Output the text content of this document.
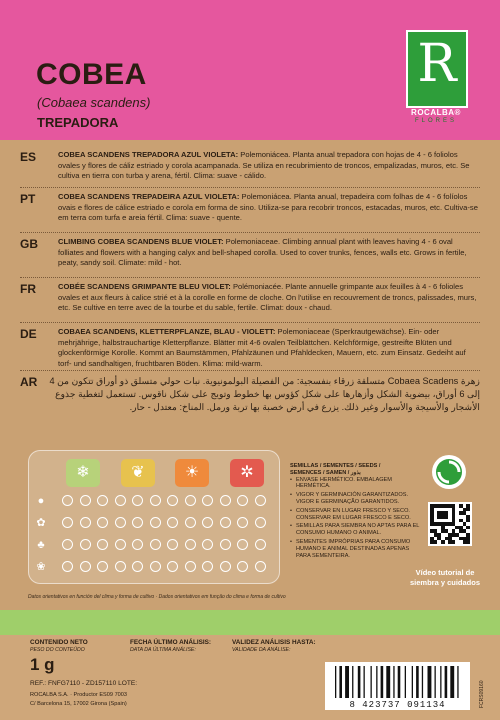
COBEA
(Cobaea scandens)
TREPADORA
R
ROCALBA®
FLORES
ES	COBEA SCANDENS TREPADORA AZUL VIOLETA: Polemoniácea. Planta anual trepadora con hojas de 4 - 6 foliolos ovales y flores de cáliz estriado y corola acampanada. Se utiliza en recubrimiento de troncos, empalizadas, muros, etc. Se cultiva en tierra con turba y arena, fértil. Clima: suave - cálido.
PT	COBEA SCANDENS TREPADEIRA AZUL VIOLETA: Polemoniácea. Planta anual, trepadeira com folhas de 4 - 6 folíolos ovais e flores de cálice estriado e corola em forma de sino. Utiliza-se para recobrir troncos, estacadas, muros, etc. Cultiva-se em terra com turfa e areia fértil. Clima: suave - quente.
GB	CLIMBING COBEA SCANDENS BLUE VIOLET: Polemoniaceae. Climbing annual plant with leaves having 4 - 6 oval folliates and flowers with a hanging calyx and bell-shaped corolla. Used to cover trunks, fences, walls etc. Grows in fertile, peaty, sandy soil. Climate: mild - hot.
FR	COBÉE SCANDENS GRIMPANTE BLEU VIOLET: Polémoniacée. Plante annuelle grimpante aux feuilles à 4 - 6 folioles ovales et aux fleurs à calice strié et à la corolle en forme de cloche. On l'utilise en recouvrement de troncs, palissades, murs, etc. Se cultive en terre avec de la tourbe et du sable, fertile. Climat: doux - chaud.
DE	COBAEA SCANDENS, KLETTERPFLANZE, BLAU - VIOLETT: Polemoniaceae (Sperkrautgewächse). Ein- oder mehrjährige, halbstrauchartige Kletterpflanze. Blätter mit 4-6 ovalen Teilblättchen. Kelchförmige, gestreifte Blüten und glockenförmige Korolle. Kommt an Baumstämmen, Pfahlzäunen und Pfahldecken, Mauern, etc. zum Einsatz. Gedeiht auf torf- und sandhaltigen, fruchtbaren Böden. Klima: mild-warm.
AR	زهرة Cobaea Scadens متسلقة زرقاء بنفسجية: من الفصيلة البولمونيوية. نبات حولي متسلق ذو أوراق تتكون من 4 إلى 6 أوراق، بيضوية الشكل وأزهارها على شكل كؤوس بها خطوط وتويج على شكل ناقوس. تستعمل لتغطية جذوع الأشجار والأسيجة والأسوار وغير ذلك. يزرع في أرض خصبة بها تربة ورمل. المناخ: معتدل - حار.
❄	❦	☀	✲
●
✿
♣
❀
SEMILLAS / SEMENTES / SEEDS /
SEMENCES / SAMEN / بذور
• ENVASE HERMÉTICO. EMBALAGEM HERMÉTICA.
• VIGOR Y GERMINACIÓN GARANTIZADOS. VIGOR E GERMINAÇÃO GARANTIDOS.
• CONSERVAR EN LUGAR FRESCO Y SECO. CONSERVAR EM LUGAR FRESCO E SECO.
• SEMILLAS PARA SIEMBRA NO APTAS PARA EL CONSUMO HUMANO O ANIMAL.
• SEMENTES IMPRÓPRIAS PARA CONSUMO HUMANO E ANIMAL DESTINADAS APENAS PARA SEMENTEIRA.
Vídeo tutorial de
siembra y cuidados
Datos orientativos en función del clima y forma de cultivo · Dados orientativos em função do clima e forma de cultivo
CONTENIDO NETO
PESO DO CONTEÚDO
1 g
FECHA ÚLTIMO ANÁLISIS:
DATA DA ÚLTIMA ANÁLISE:
VALIDEZ ANÁLISIS HASTA:
VALIDADE DA ANÁLISE:
REF.: FNFG7110 - ZD157110 LOTE:
ROCALBA S.A. · Productor ES09 7003
C/ Barcelona 15, 17002 Girona (Spain)	8 423737 091134	FCRS09160
